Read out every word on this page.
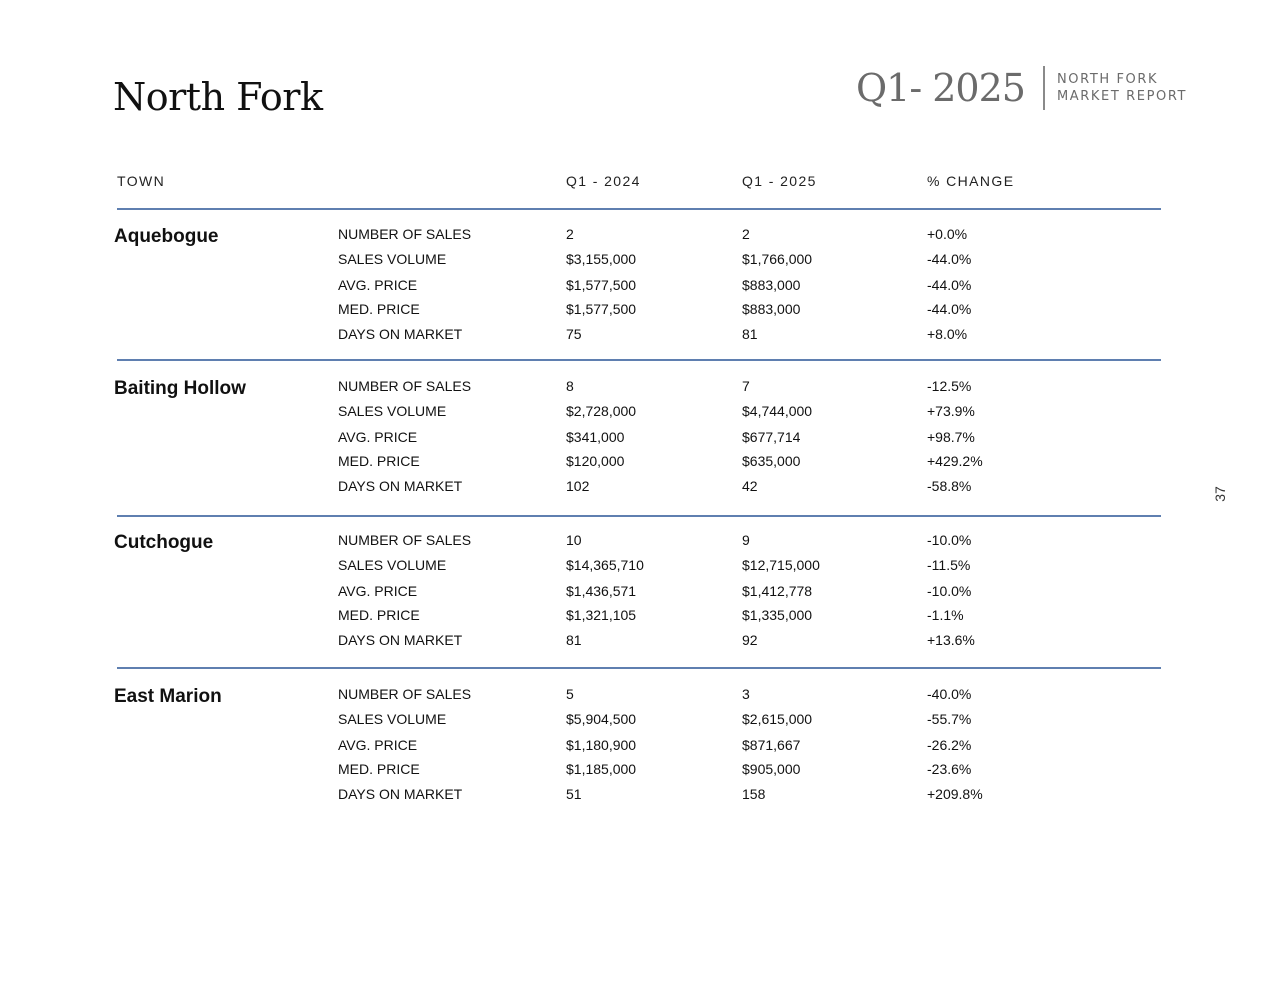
North Fork	Q1- 2025 NORTH FORK
MARKET REPORT
TOWN	Q1 - 2024	Q1 - 2025	% CHANGE
Aquebogue	NUMBER OF SALES	2	2	+0.0%
SALES VOLUME	$3,155,000	$1,766,000	-44.0%
AVG. PRICE	$1,577,500	$883,000	-44.0%
MED. PRICE	$1,577,500	$883,000	-44.0%
DAYS ON MARKET	75	81	+8.0%
Baiting Hollow	NUMBER OF SALES	8	7	-12.5%
SALES VOLUME	$2,728,000	$4,744,000	+73.9%
AVG. PRICE	$341,000	$677,714	+98.7%
MED. PRICE	$120,000	$635,000	+429.2%
DAYS ON MARKET	102	42	-58.8%
Cutchogue	NUMBER OF SALES	10	9	-10.0%
SALES VOLUME	$14,365,710	$12,715,000	-11.5%
AVG. PRICE	$1,436,571	$1,412,778	-10.0%
MED. PRICE	$1,321,105	$1,335,000	-1.1%
DAYS ON MARKET	81	92	+13.6%
East Marion	NUMBER OF SALES	5	3	-40.0%
SALES VOLUME	$5,904,500	$2,615,000	-55.7%
AVG. PRICE	$1,180,900	$871,667	-26.2%
MED. PRICE	$1,185,000	$905,000	-23.6%
DAYS ON MARKET	51	158	+209.8%
37
